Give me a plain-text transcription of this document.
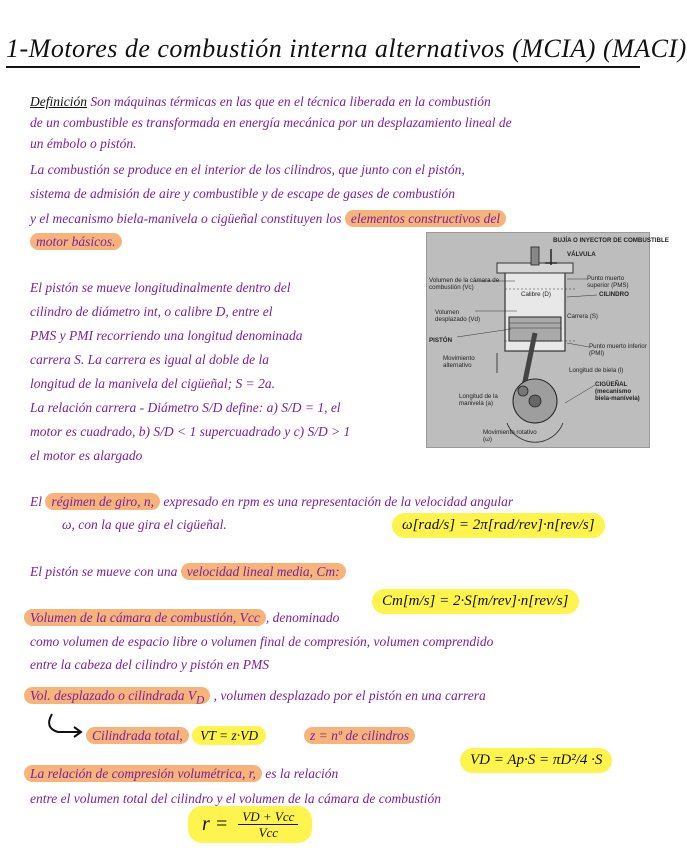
1-Motores de combustión interna alternativos (MCIA) (MACI)
Definición Son máquinas térmicas en las que en el técnica liberada en la combustión
de un combustible es transformada en energía mecánica por un desplazamiento lineal de
un émbolo o pistón.
La combustión se produce en el interior de los cilindros, que junto con el pistón,
sistema de admisión de aire y combustible y de escape de gases de combustión
y el mecanismo biela-manivela o cigüeñal constituyen los elementos constructivos del
motor básicos.
El pistón se mueve longitudinalmente dentro del
cilindro de diámetro int, o calibre D, entre el
PMS y PMI recorriendo una longitud denominada
carrera S. La carrera es igual al doble de la
longitud de la manivela del cigüeñal; S = 2a.
La relación carrera - Diámetro S/D define: a) S/D = 1, el
motor es cuadrado, b) S/D < 1 supercuadrado y c) S/D > 1
el motor es alargado
BUJÍA O INYECTOR DE COMBUSTIBLE
VÁLVULA
Volumen de la cámara de combustión (Vc)
Punto muerto superior (PMS)
Calibre (D)	CILINDRO
Volumen desplazado (Vd)	Carrera (S)
PISTÓN
Punto muerto inferior (PMI)
Movimiento alternativo
Longitud de biela (l)
CIGÜEÑAL (mecanismo biela-manivela)
Longitud de la manivela (a)
Movimiento rotativo (ω)
El régimen de giro, n, expresado en rpm es una representación de la velocidad angular
ω, con la que gira el cigüeñal.	ω[rad/s] = 2π[rad/rev]·n[rev/s]
El pistón se mueve con una velocidad lineal media, Cm:
Cm[m/s] = 2·S[m/rev]·n[rev/s]
Volumen de la cámara de combustión, Vcc , denominado
como volumen de espacio libre o volumen final de compresión, volumen comprendido
entre la cabeza del cilindro y pistón en PMS
Vol. desplazado o cilindrada $V_D$ , volumen desplazado por el pistón en una carrera
Cilindrada total, VT = z·VD	z = nº de cilindros
VD = Ap·S = πD²/4 ·S
La relación de compresión volumétrica, r, es la relación
entre el volumen total del cilindro y el volumen de la cámara de combustión
r =	VD + Vcc
Vcc
